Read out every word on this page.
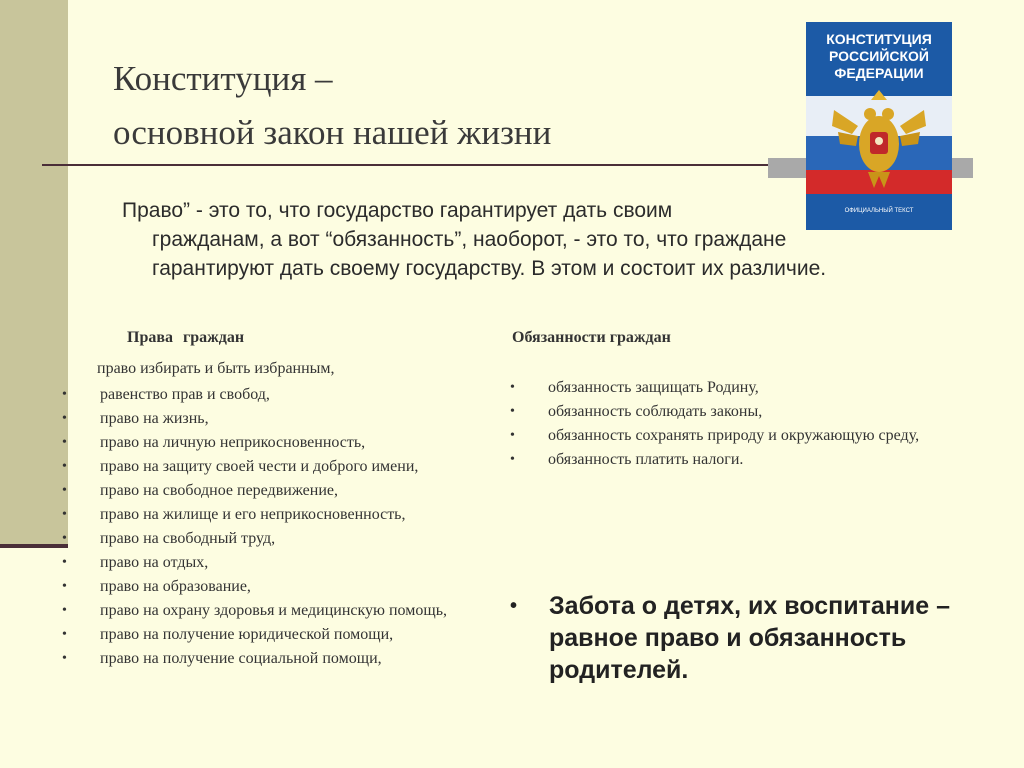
Конституция –
основной закон нашей жизни
КОНСТИТУЦИЯ
РОССИЙСКОЙ
ФЕДЕРАЦИИ
ОФИЦИАЛЬНЫЙ ТЕКСТ
Право” - это то, что государство гарантирует дать своим
гражданам, а вот “обязанность”, наоборот, - это то, что граждане гарантируют дать своему государству. В этом и состоит их различие.
Права граждан	Обязанности граждан
право избирать и быть избранным,
• равенство прав и свобод,
• право на жизнь,
• право на личную неприкосновенность,
• право на защиту своей чести и доброго имени,
• право на свободное передвижение,
• право на жилище и его неприкосновенность,
• право на свободный труд,
• право на отдых,
• право на образование,
• право на охрану здоровья и медицинскую помощь,
• право на получение юридической помощи,
• право на получение социальной помощи,
• обязанность защищать Родину,
• обязанность соблюдать законы,
• обязанность сохранять природу и окружающую среду,
• обязанность платить налоги.
• Забота о детях, их воспитание – равное право и обязанность родителей.
